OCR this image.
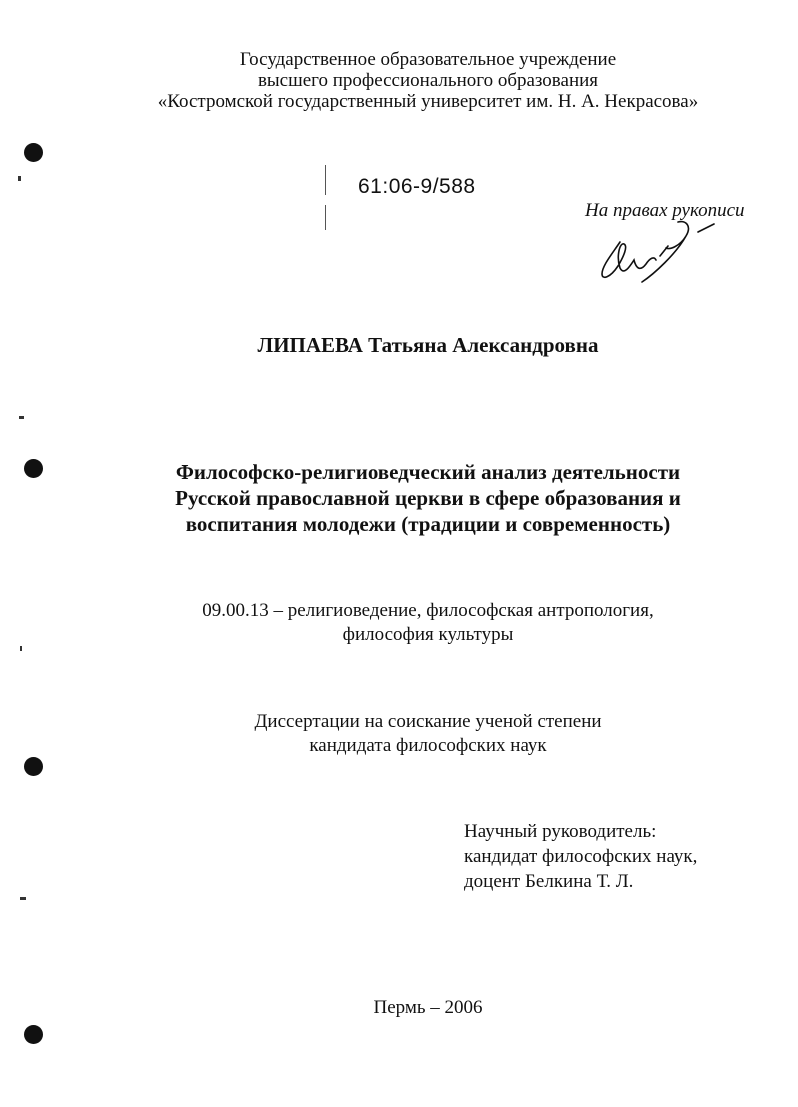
Государственное образовательное учреждение
высшего профессионального образования
«Костромской государственный университет им. Н. А. Некрасова»
61:06-9/588
На правах рукописи
ЛИПАЕВА Татьяна Александровна
Философско-религиоведческий анализ деятельности
Русской православной церкви в сфере образования и
воспитания молодежи (традиции и современность)
09.00.13 – религиоведение, философская антропология,
философия культуры
Диссертации на соискание ученой степени
кандидата философских наук
Научный руководитель:
кандидат философских наук,
доцент Белкина Т. Л.
Пермь – 2006
